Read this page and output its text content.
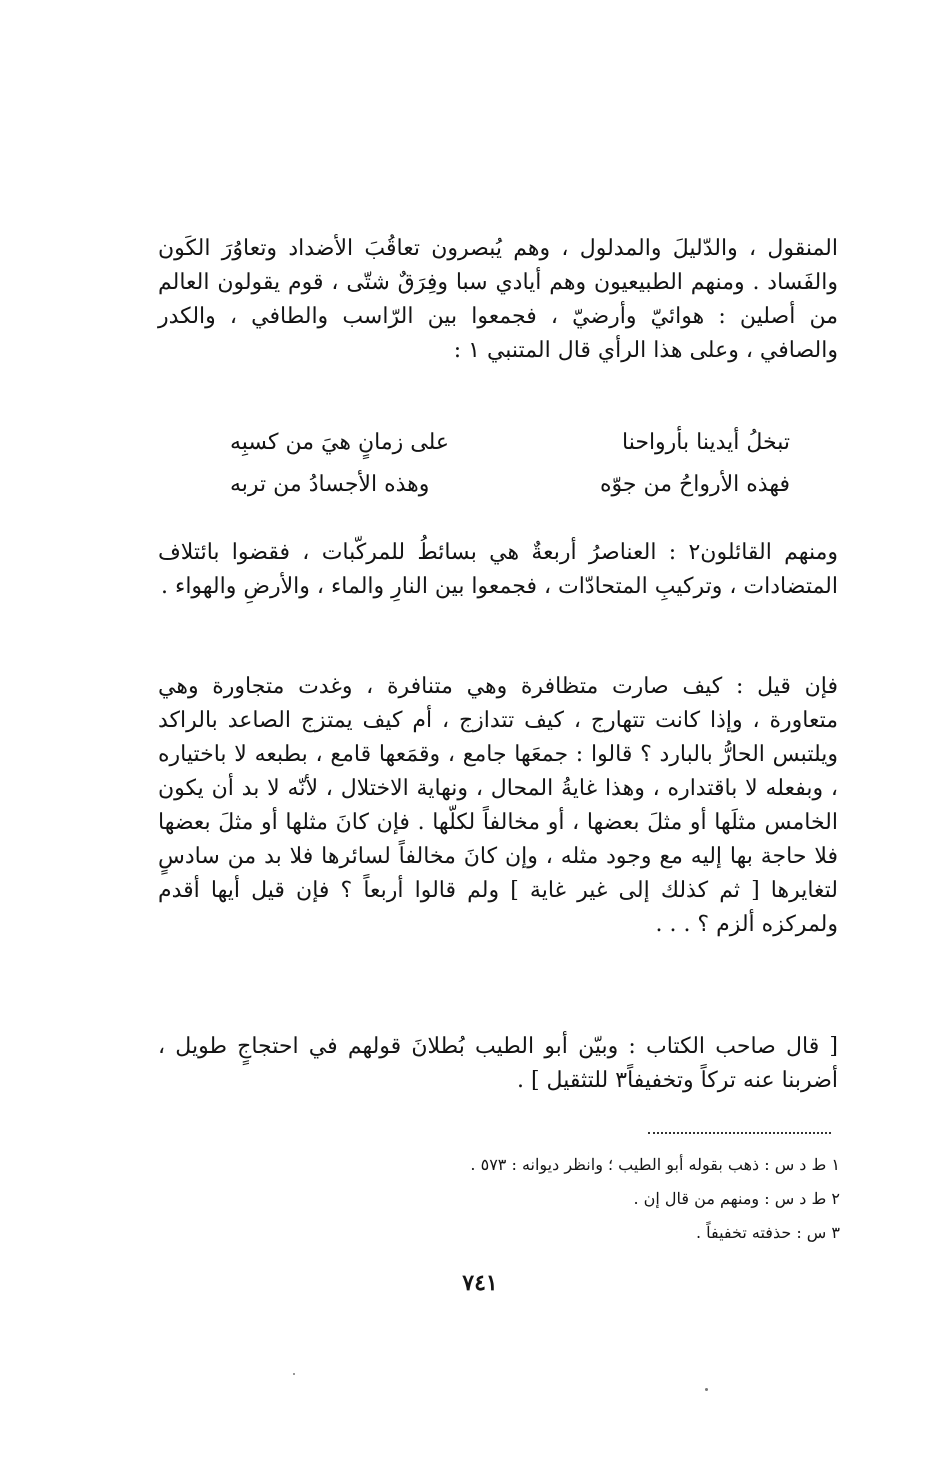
المنقول ، والدّليلَ والمدلول ، وهم يُبصرون تعاقُبَ الأضداد وتعاوُرَ الكَون والفَساد . ومنهم الطبيعيون وهم أيادي سبا وفِرَقٌ شتّى ، قوم يقولون العالم من أصلين : هوائيّ وأرضيّ ، فجمعوا بين الرّاسب والطافي ، والكدر والصافي ، وعلى هذا الرأي قال المتنبي ١ :

تبخلُ أيدينا بأرواحنا
على زمانٍ هيَ من كسبِه
فهذه الأرواحُ من جوّه
وهذه الأجسادُ من تربه

ومنهم القائلون٢ : العناصرُ أربعةٌ هي بسائطُ للمركّبات ، فقضوا بائتلاف المتضادات ، وتركيبِ المتحادّات ، فجمعوا بين النارِ والماء ، والأرضِ والهواء .

فإن قيل : كيف صارت متظافرة وهي متنافرة ، وغدت متجاورة وهي متعاورة ، وإذا كانت تتهارج ، كيف تتدازج ، أم كيف يمتزج الصاعد بالراكد ويلتبس الحارُّ بالبارد ؟ قالوا : جمعَها جامع ، وقمَعها قامع ، بطبعه لا باختياره ، وبفعله لا باقتداره ، وهذا غايةُ المحال ، ونهاية الاختلال ، لأنّه لا بد أن يكون الخامس مثلَها أو مثلَ بعضها ، أو مخالفاً لكلّها . فإن كانَ مثلها أو مثلَ بعضها فلا حاجة بها إليه مع وجود مثله ، وإن كانَ مخالفاً لسائرها فلا بد من سادسٍ لتغايرها [ ثم كذلك إلى غير غاية ] ولم قالوا أربعاً ؟ فإن قيل أيها أقدم ولمركزه ألزم ؟ . . .

[ قال صاحب الكتاب : وبيّن أبو الطيب بُطلانَ قولهم في احتجاجٍ طويل ، أضربنا عنه تركاً وتخفيفاً٣ للتثقيل ] .

١ ط د س : ذهب بقوله أبو الطيب ؛ وانظر ديوانه : ٥٧٣ .
٢ ط د س : ومنهم من قال إن .
٣ س : حذفته تخفيفاً .
٧٤١
